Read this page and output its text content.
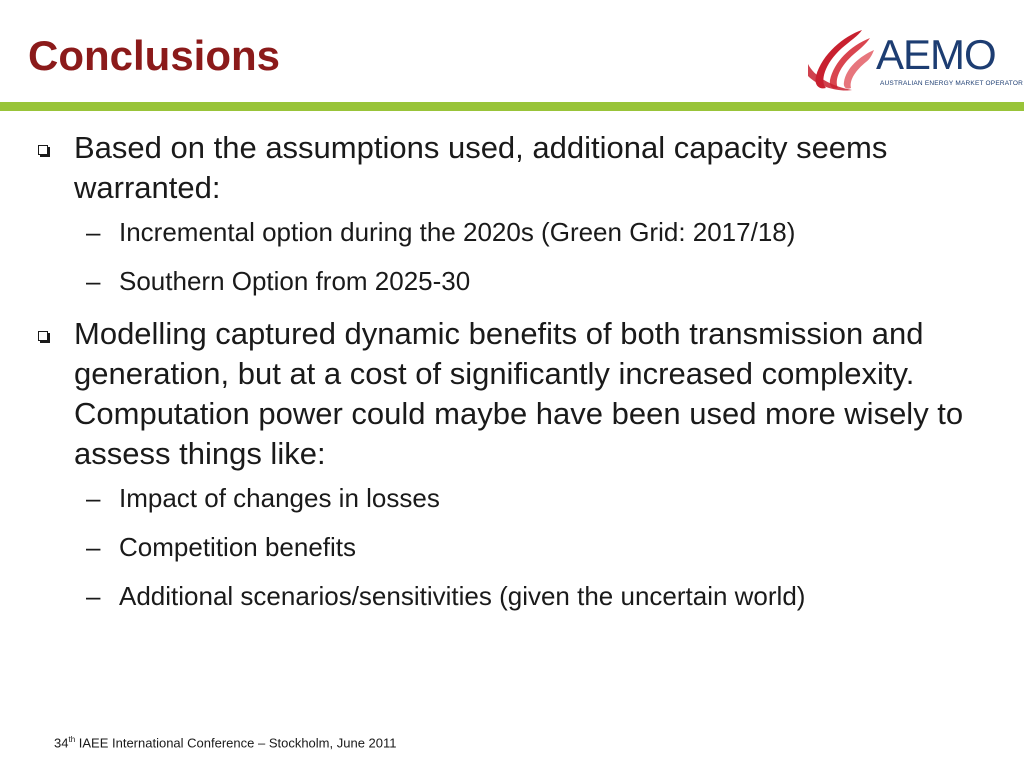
Conclusions	AEMO
AUSTRALIAN ENERGY MARKET OPERATOR

Based on the assumptions used, additional capacity seems warranted:

– Incremental option during the 2020s (Green Grid: 2017/18)
– Southern Option from 2025-30

Modelling captured dynamic benefits of both transmission and generation, but at a cost of significantly increased complexity. Computation power could maybe have been used more wisely to assess things like:

– Impact of changes in losses
– Competition benefits
– Additional scenarios/sensitivities (given the uncertain world)
34th IAEE International Conference – Stockholm, June 2011
